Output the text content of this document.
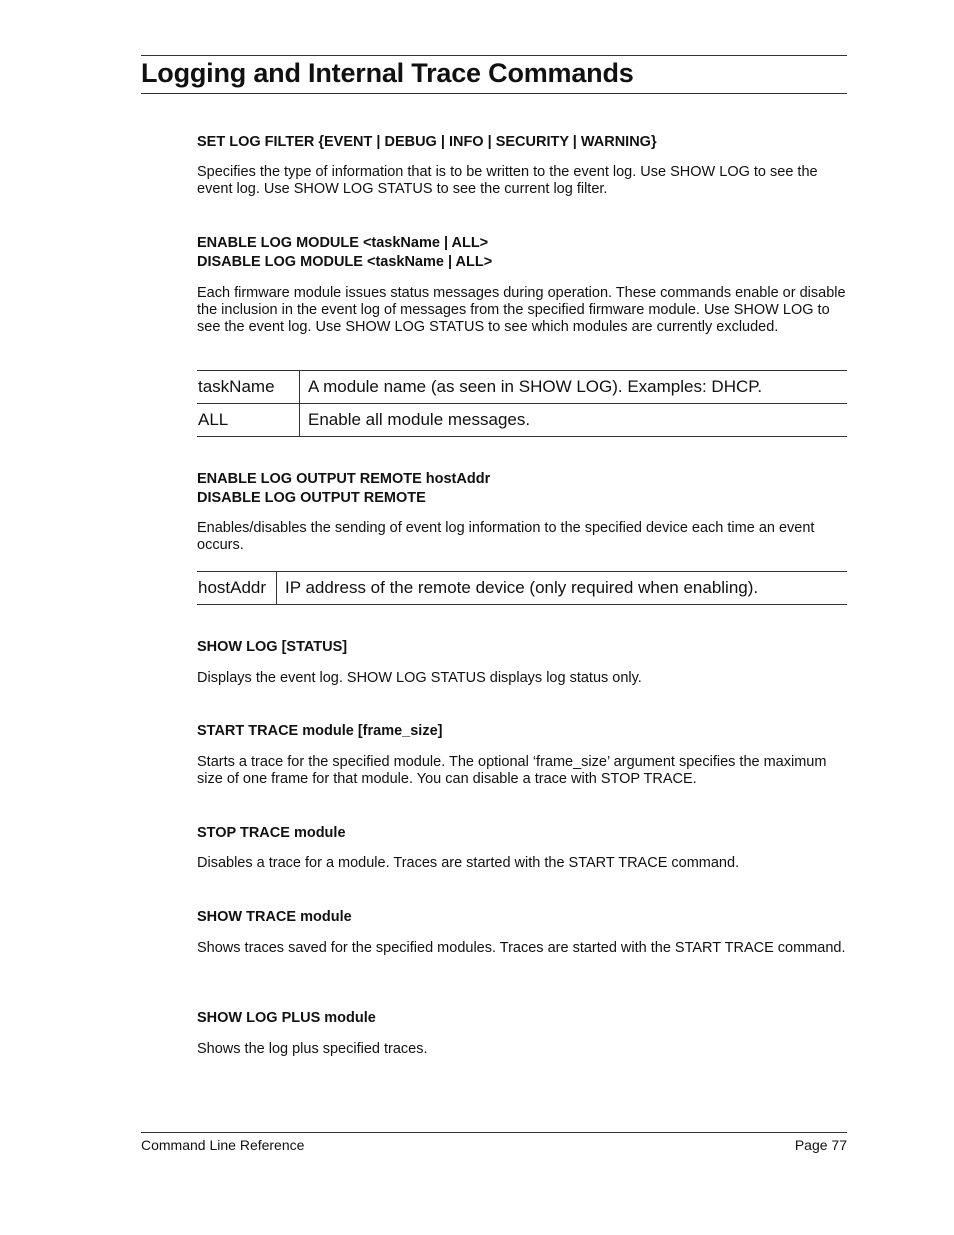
Logging and Internal Trace Commands
SET LOG FILTER {EVENT | DEBUG | INFO | SECURITY | WARNING}

Specifies the type of information that is to be written to the event log. Use SHOW LOG to see the event log. Use SHOW LOG STATUS to see the current log filter.

ENABLE LOG MODULE <taskName | ALL>
DISABLE LOG MODULE <taskName | ALL>

Each firmware module issues status messages during operation. These commands enable or disable the inclusion in the event log of messages from the specified firmware module. Use SHOW LOG to see the event log. Use SHOW LOG STATUS to see which modules are currently excluded.

taskName	A module name (as seen in SHOW LOG). Examples: DHCP.
ALL	Enable all module messages.
ENABLE LOG OUTPUT REMOTE hostAddr
DISABLE LOG OUTPUT REMOTE

Enables/disables the sending of event log information to the specified device each time an event occurs.

hostAddr	IP address of the remote device (only required when enabling).
SHOW LOG [STATUS]

Displays the event log. SHOW LOG STATUS displays log status only.

START TRACE module [frame_size]

Starts a trace for the specified module. The optional ‘frame_size’ argument specifies the maximum size of one frame for that module. You can disable a trace with STOP TRACE.

STOP TRACE module

Disables a trace for a module. Traces are started with the START TRACE command.

SHOW TRACE module

Shows traces saved for the specified modules. Traces are started with the START TRACE command.

SHOW LOG PLUS module

Shows the log plus specified traces.

Command Line Reference	Page 77
